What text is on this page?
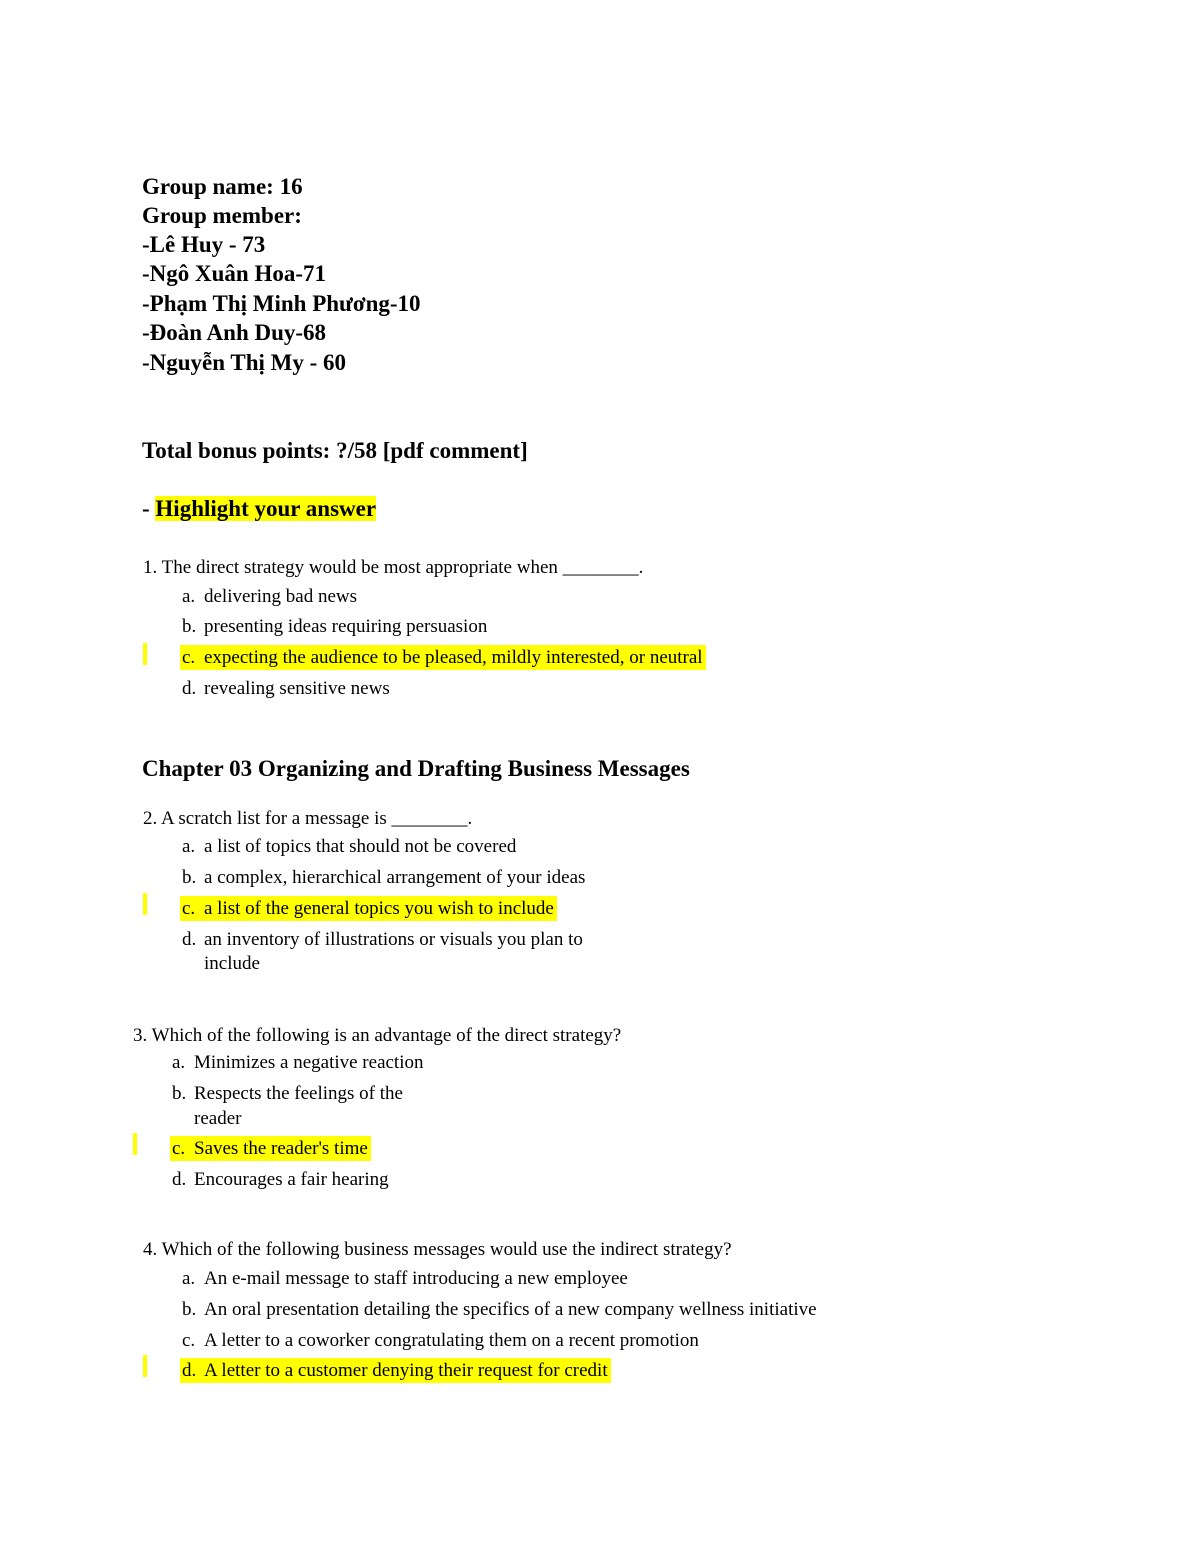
Group name: 16
Group member:
-Lê Huy - 73
-Ngô Xuân Hoa-71
-Phạm Thị Minh Phương-10
-Đoàn Anh Duy-68
-Nguyễn Thị My - 60
Total bonus points: ?/58 [pdf comment]
- Highlight your answer
1. The direct strategy would be most appropriate when ________.
a. delivering bad news
b. presenting ideas requiring persuasion
c. expecting the audience to be pleased, mildly interested, or neutral
d. revealing sensitive news
Chapter 03 Organizing and Drafting Business Messages
2. A scratch list for a message is ________.
a. a list of topics that should not be covered
b. a complex, hierarchical arrangement of your ideas
c. a list of the general topics you wish to include
d. an inventory of illustrations or visuals you plan to
include
3. Which of the following is an advantage of the direct strategy?
a. Minimizes a negative reaction
b. Respects the feelings of the
reader
c. Saves the reader's time
d. Encourages a fair hearing
4. Which of the following business messages would use the indirect strategy?
a. An e-mail message to staff introducing a new employee
b. An oral presentation detailing the specifics of a new company wellness initiative
c. A letter to a coworker congratulating them on a recent promotion
d. A letter to a customer denying their request for credit
